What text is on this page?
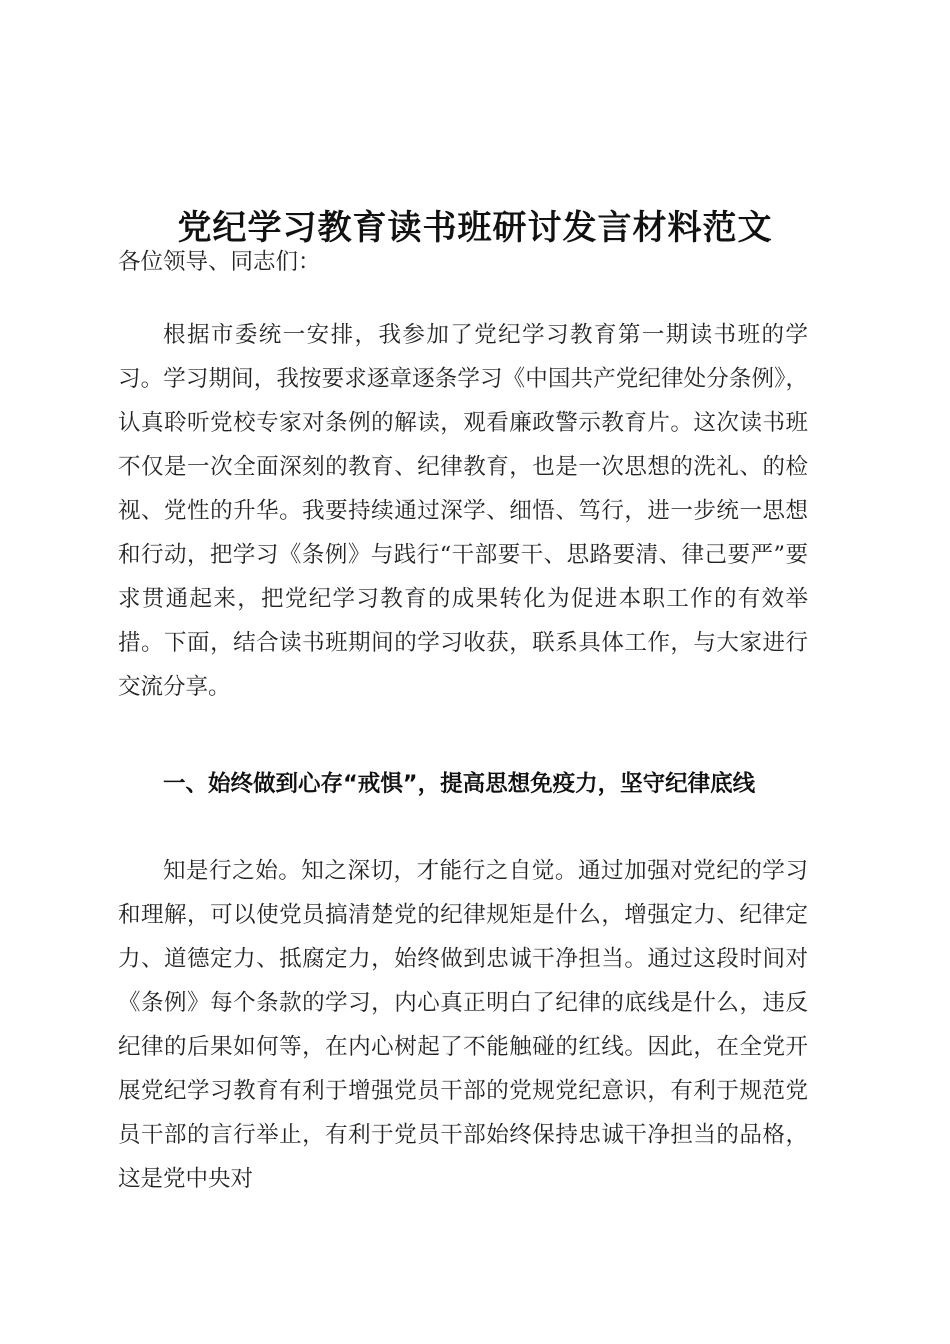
党纪学习教育读书班研讨发言材料范文

各位领导、同志们：

根据市委统一安排，我参加了党纪学习教育第一期读书班的学习。学习期间，我按要求逐章逐条学习《中国共产党纪律处分条例》，认真聆听党校专家对条例的解读，观看廉政警示教育片。这次读书班不仅是一次全面深刻的教育、纪律教育，也是一次思想的洗礼、的检视、党性的升华。我要持续通过深学、细悟、笃行，进一步统一思想和行动，把学习《条例》与践行“干部要干、思路要清、律己要严”要求贯通起来，把党纪学习教育的成果转化为促进本职工作的有效举措。下面，结合读书班期间的学习收获，联系具体工作，与大家进行交流分享。

一、始终做到心存“戒惧”，提高思想免疫力，坚守纪律底线

知是行之始。知之深切，才能行之自觉。通过加强对党纪的学习和理解，可以使党员搞清楚党的纪律规矩是什么，增强定力、纪律定力、道德定力、抵腐定力，始终做到忠诚干净担当。通过这段时间对《条例》每个条款的学习，内心真正明白了纪律的底线是什么，违反纪律的后果如何等，在内心树起了不能触碰的红线。因此，在全党开展党纪学习教育有利于增强党员干部的党规党纪意识，有利于规范党员干部的言行举止，有利于党员干部始终保持忠诚干净担当的品格，这是党中央对
